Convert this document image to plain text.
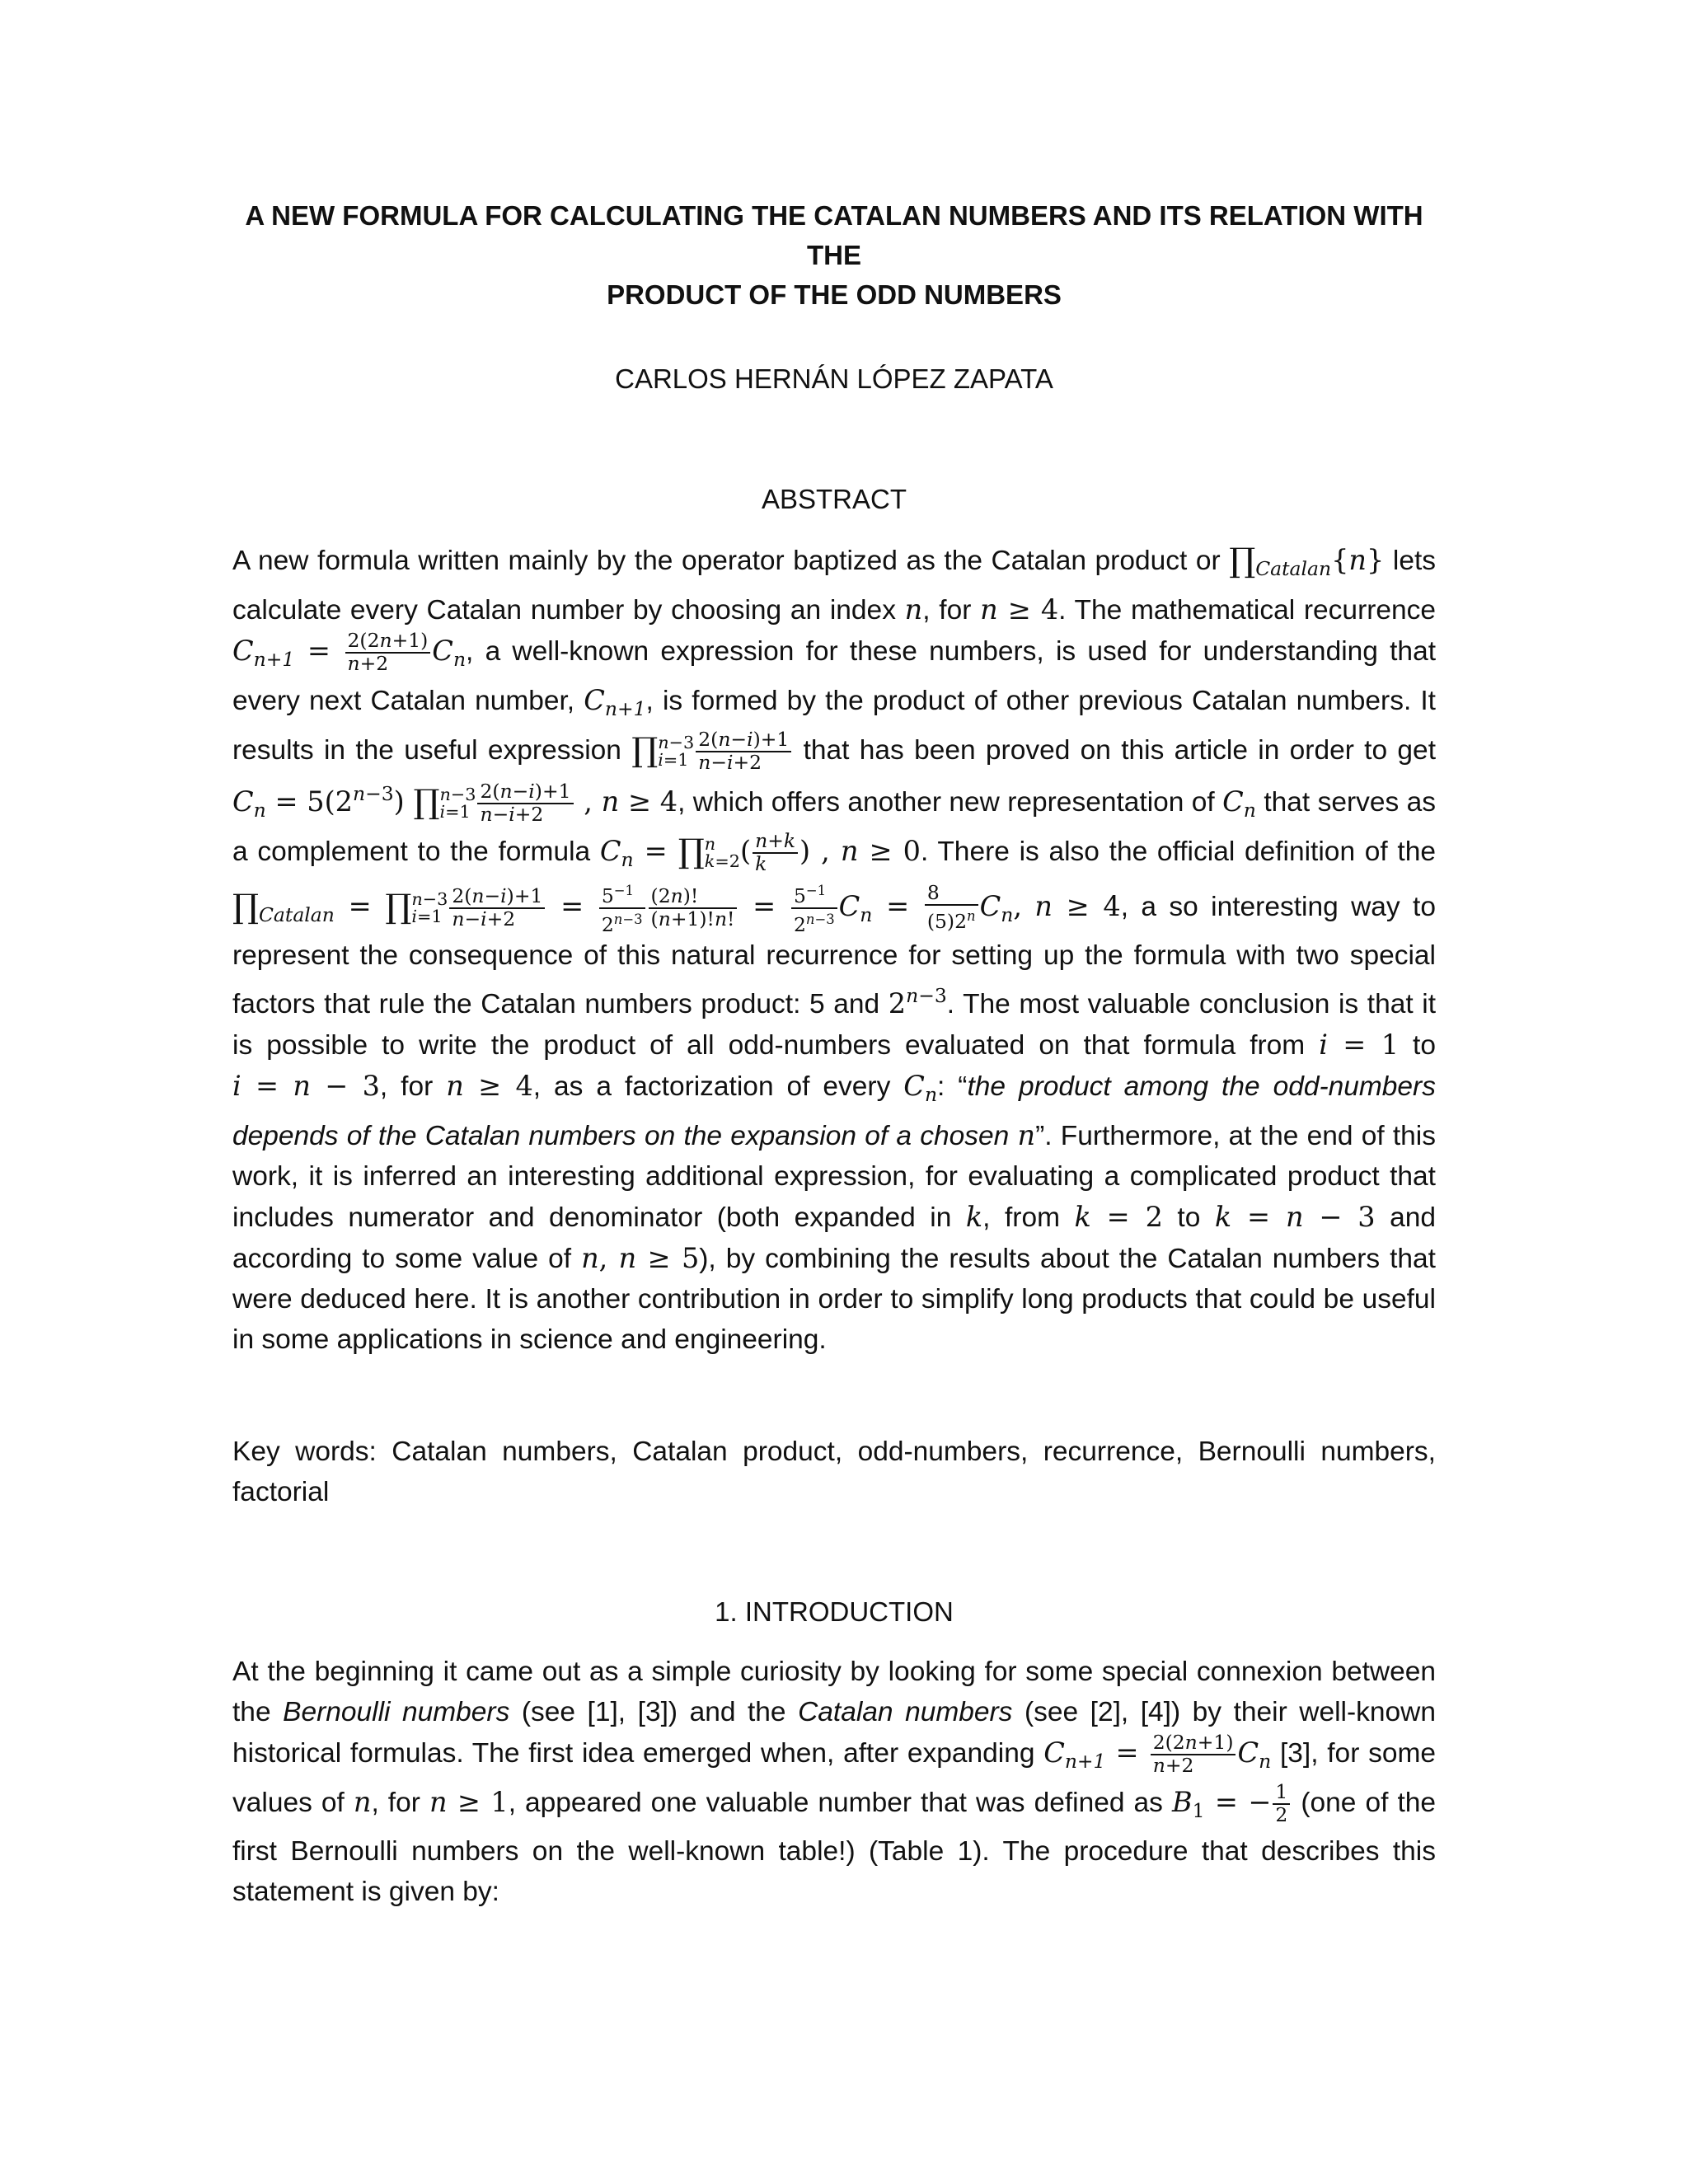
A NEW FORMULA FOR CALCULATING THE CATALAN NUMBERS AND ITS RELATION WITH THE
PRODUCT OF THE ODD NUMBERS
CARLOS HERNÁN LÓPEZ ZAPATA
ABSTRACT
A new formula written mainly by the operator baptized as the Catalan product or $\prod_{Catalan}\{n\}$ lets calculate every Catalan number by choosing an index n, for n ≥ 4. The mathematical recurrence $C_{n+1} = \frac{2(2n+1)}{n+2} C_n$, a well-known expression for these numbers, is used for understanding that every next Catalan number, $C_{n+1}$, is formed by the product of other previous Catalan numbers. It results in the useful expression ∏ n−3
$i=1 \frac{2(n-i)+1}{n-i+2}$ that has been proved on this article in order to get $C_n = 5(2^{n-3})$ ∏ n−3
$i=1 \frac{2(n-i)+1}{n-i+2}$ , n ≥ 4, which offers another new representation of $C_n$ that serves as a complement to the formula $C_n$ = ∏ n
k=2 ( $\frac{n+k}{k}$ ) , n ≥ 0. There is also the official definition of the $\prod_{Catalan}$ = ∏ n−3
$i=1 \frac{2(n-i)+1}{n-i+2} = \frac{5^{-1}}{2^{n-3}} \frac{(2n)!}{(n+1)!n!} = \frac{5^{-1}}{2^{n-3}} C_n = \frac{8}{(5)2^n} C_n$, n ≥ 4, a so interesting way to represent the consequence of this natural recurrence for setting up the formula with two special factors that rule the Catalan numbers product: 5 and $2^{n-3}$. The most valuable conclusion is that it is possible to write the product of all odd-numbers evaluated on that formula from i = 1 to i = n − 3, for n ≥ 4, as a factorization of every $C_n$: “the product among the odd-numbers depends of the Catalan numbers on the expansion of a chosen n”. Furthermore, at the end of this work, it is inferred an interesting additional expression, for evaluating a complicated product that includes numerator and denominator (both expanded in k, from k = 2 to k = n − 3 and according to some value of n, n ≥ 5), by combining the results about the Catalan numbers that were deduced here. It is another contribution in order to simplify long products that could be useful in some applications in science and engineering.
Key words: Catalan numbers, Catalan product, odd-numbers, recurrence, Bernoulli numbers, factorial
1. INTRODUCTION
At the beginning it came out as a simple curiosity by looking for some special connexion between the Bernoulli numbers (see [1], [3]) and the Catalan numbers (see [2], [4]) by their well-known historical formulas. The first idea emerged when, after expanding $C_{n+1} = \frac{2(2n+1)}{n+2} C_n$ [3], for some values of n, for n ≥ 1, appeared one valuable number that was defined as $B_1$ = − $\frac{1}{2} (one$ of the first Bernoulli numbers on the well-known table!) (Table 1). The procedure that describes this statement is given by:
